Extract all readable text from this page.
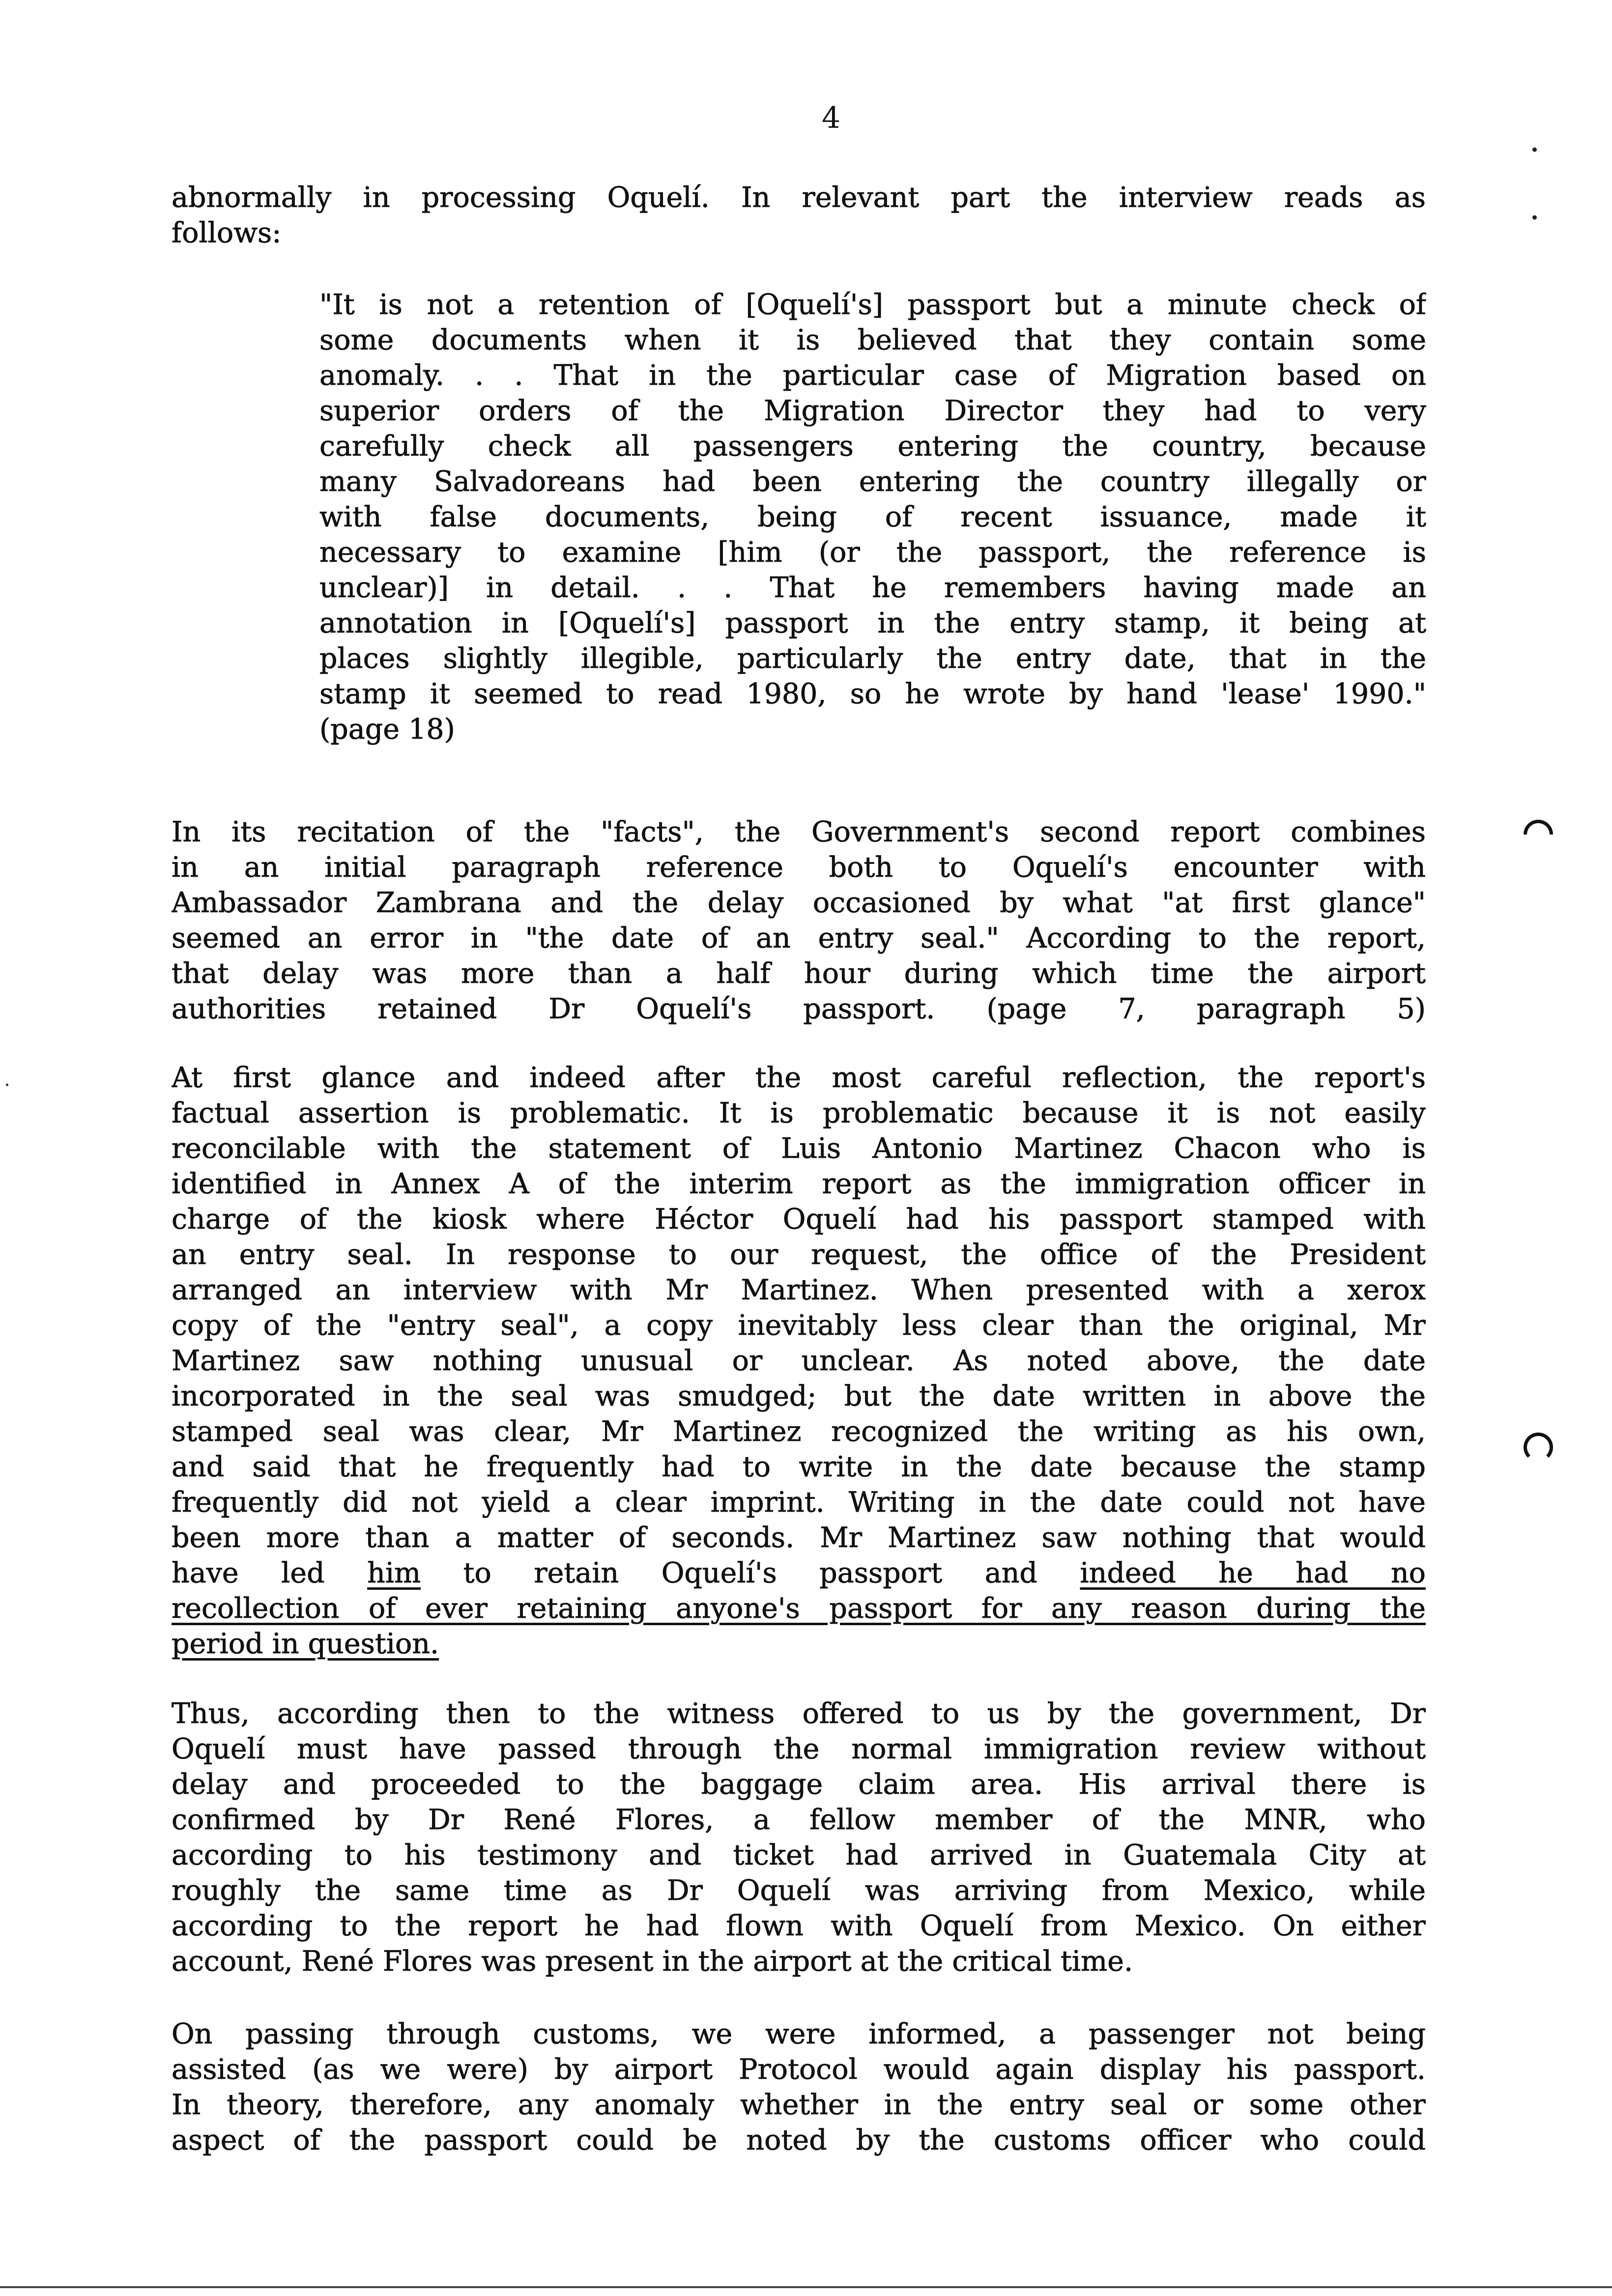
4
abnormally in processing Oquelí. In relevant part the interview reads as
follows:
"It is not a retention of [Oquelí's] passport but a minute check of
some documents when it is believed that they contain some
anomaly. . . That in the particular case of Migration based on
superior orders of the Migration Director they had to very
carefully check all passengers entering the country, because
many Salvadoreans had been entering the country illegally or
with false documents, being of recent issuance, made it
necessary to examine [him (or the passport, the reference is
unclear)] in detail. . . That he remembers having made an
annotation in [Oquelí's] passport in the entry stamp, it being at
places slightly illegible, particularly the entry date, that in the
stamp it seemed to read 1980, so he wrote by hand 'lease' 1990."
(page 18)
In its recitation of the "facts", the Government's second report combines
in an initial paragraph reference both to Oquelí's encounter with
Ambassador Zambrana and the delay occasioned by what "at first glance"
seemed an error in "the date of an entry seal." According to the report,
that delay was more than a half hour during which time the airport
authorities retained Dr Oquelí's passport. (page 7, paragraph 5)
At first glance and indeed after the most careful reflection, the report's
factual assertion is problematic. It is problematic because it is not easily
reconcilable with the statement of Luis Antonio Martinez Chacon who is
identified in Annex A of the interim report as the immigration officer in
charge of the kiosk where Héctor Oquelí had his passport stamped with
an entry seal. In response to our request, the office of the President
arranged an interview with Mr Martinez. When presented with a xerox
copy of the "entry seal", a copy inevitably less clear than the original, Mr
Martinez saw nothing unusual or unclear. As noted above, the date
incorporated in the seal was smudged; but the date written in above the
stamped seal was clear, Mr Martinez recognized the writing as his own,
and said that he frequently had to write in the date because the stamp
frequently did not yield a clear imprint. Writing in the date could not have
been more than a matter of seconds. Mr Martinez saw nothing that would
have led him to retain Oquelí's passport and indeed he had no
recollection of ever retaining anyone's passport for any reason during the
period in question.
Thus, according then to the witness offered to us by the government, Dr
Oquelí must have passed through the normal immigration review without
delay and proceeded to the baggage claim area. His arrival there is
confirmed by Dr René Flores, a fellow member of the MNR, who
according to his testimony and ticket had arrived in Guatemala City at
roughly the same time as Dr Oquelí was arriving from Mexico, while
according to the report he had flown with Oquelí from Mexico. On either
account, René Flores was present in the airport at the critical time.
On passing through customs, we were informed, a passenger not being
assisted (as we were) by airport Protocol would again display his passport.
In theory, therefore, any anomaly whether in the entry seal or some other
aspect of the passport could be noted by the customs officer who could
